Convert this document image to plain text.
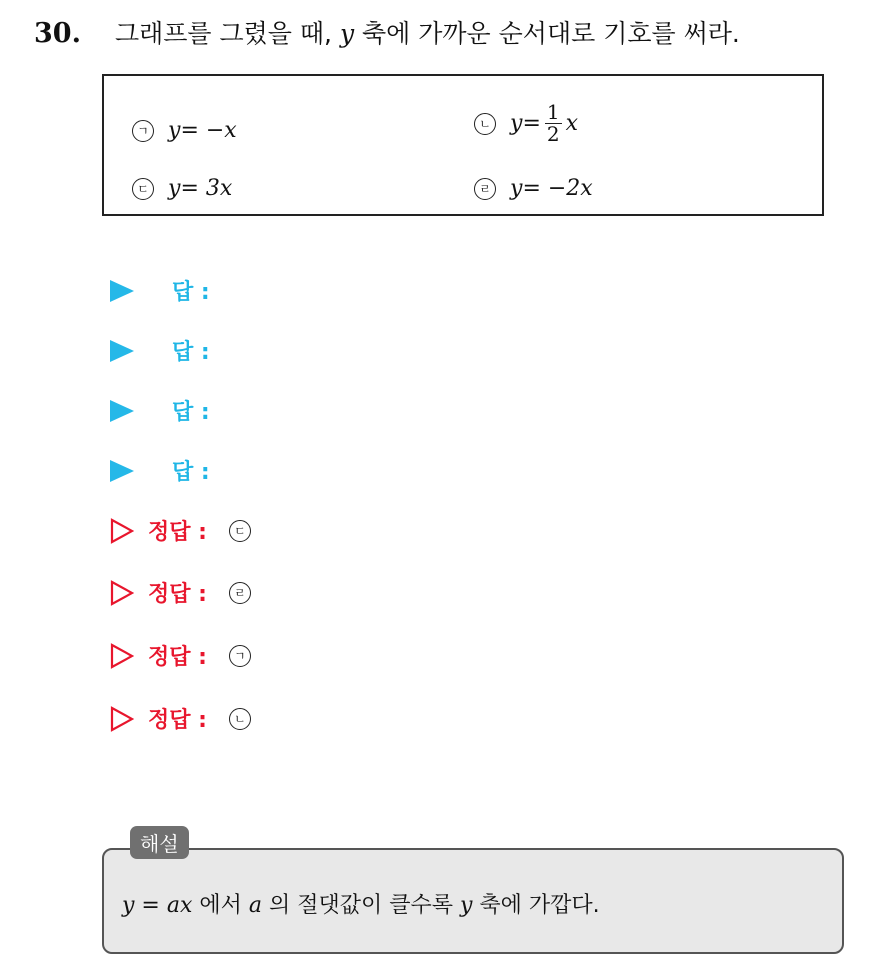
30. 그래프를 그렸을 때, y 축에 가까운 순서대로 기호를 써라.
ㄱ y = −x	ㄴ $y = \frac{1}{2}$ x
ㄷ y = 3x	ㄹ y = −2x
답 :
답 :
답 :
답 :
정답 :	ㄷ
정답 :	ㄹ
정답 :	ㄱ
정답 :	ㄴ
해설
y = ax 에서 a 의 절댓값이 클수록 y 축에 가깝다.
